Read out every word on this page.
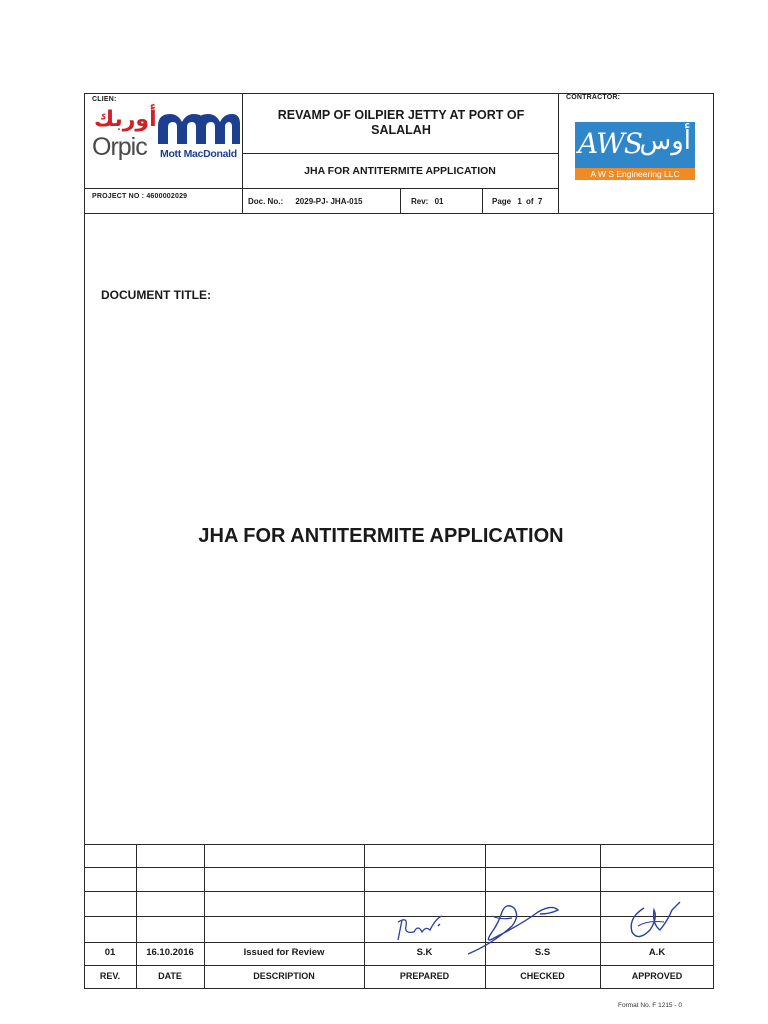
CLIEN:
أوربك
Orpic Mott MacDonald
PROJECT NO : 4600002029
REVAMP OF OILPIER JETTY AT PORT OF SALALAH
JHA FOR ANTITERMITE APPLICATION
Doc. No.: 2029-PJ- JHA-015	Rev: 01	Page 1 of 7
CONTRACTOR:
AWS
أوس
A W S Engineering LLC
DOCUMENT TITLE:
JHA FOR ANTITERMITE APPLICATION
01	16.10.2016	Issued for Review	S.K	S.S	A.K
REV.	DATE	DESCRIPTION	PREPARED	CHECKED	APPROVED
Format No. F 1215 - 0
